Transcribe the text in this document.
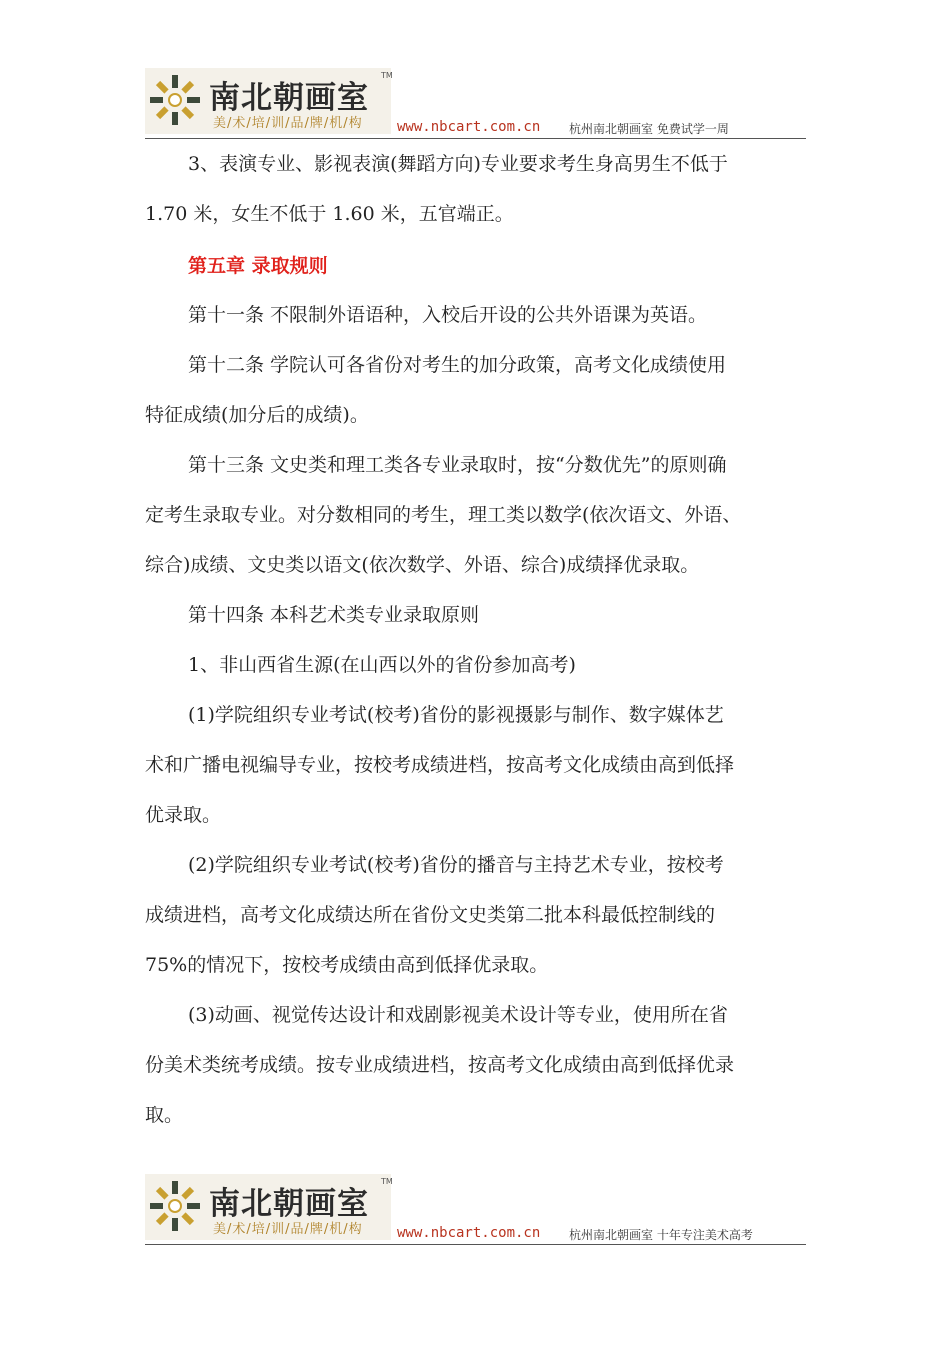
南北朝画室
TM
美/术/培/训/品/牌/机/构 www.nbcart.com.cn 杭州南北朝画室 免费试学一周
3、表演专业、影视表演(舞蹈方向)专业要求考生身高男生不低于
1.70 米，女生不低于 1.60 米，五官端正。
第五章 录取规则
第十一条 不限制外语语种，入校后开设的公共外语课为英语。
第十二条 学院认可各省份对考生的加分政策，高考文化成绩使用
特征成绩(加分后的成绩)。
第十三条 文史类和理工类各专业录取时，按“分数优先”的原则确
定考生录取专业。对分数相同的考生，理工类以数学(依次语文、外语、
综合)成绩、文史类以语文(依次数学、外语、综合)成绩择优录取。
第十四条 本科艺术类专业录取原则
1、非山西省生源(在山西以外的省份参加高考)
(1)学院组织专业考试(校考)省份的影视摄影与制作、数字媒体艺
术和广播电视编导专业，按校考成绩进档，按高考文化成绩由高到低择
优录取。
(2)学院组织专业考试(校考)省份的播音与主持艺术专业，按校考
成绩进档，高考文化成绩达所在省份文史类第二批本科最低控制线的
75%的情况下，按校考成绩由高到低择优录取。
(3)动画、视觉传达设计和戏剧影视美术设计等专业，使用所在省
份美术类统考成绩。按专业成绩进档，按高考文化成绩由高到低择优录
取。
南北朝画室
TM
美/术/培/训/品/牌/机/构 www.nbcart.com.cn 杭州南北朝画室 十年专注美术高考
